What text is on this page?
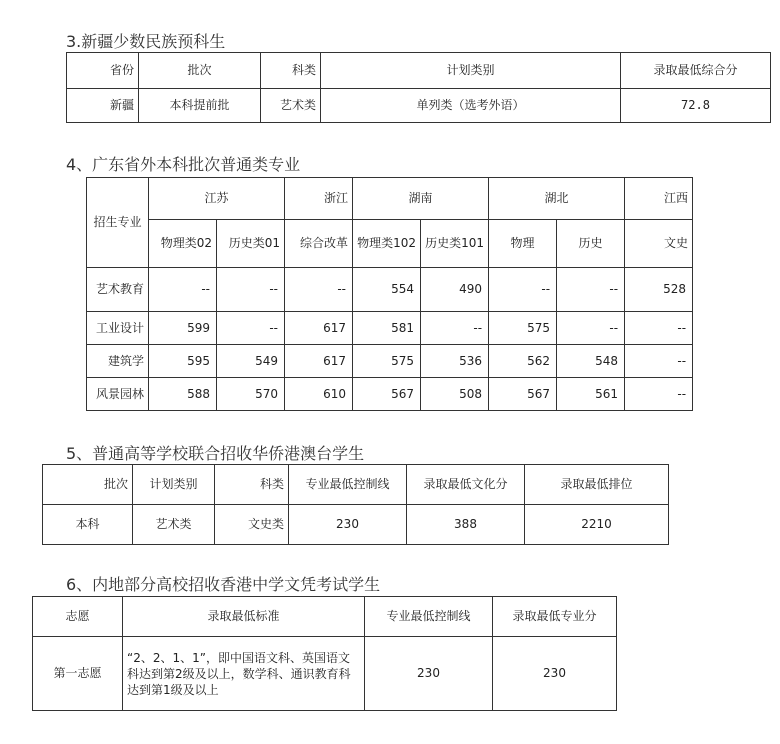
3.新疆少数民族预科生
省份	批次	科类	计划类别	录取最低综合分
新疆	本科提前批	艺术类	单列类（选考外语）	72.8
4、广东省外本科批次普通类专业
招生专业	江苏		浙江	湖南		湖北		江西
	物理类02	历史类01	综合改革	物理类102	历史类101	物理	历史	文史
艺术教育	--	--	--	554	490	--	--	528
工业设计	599	--	617	581	--	575	--	--
建筑学	595	549	617	575	536	562	548	--
风景园林	588	570	610	567	508	567	561	--
5、普通高等学校联合招收华侨港澳台学生
批次	计划类别	科类	专业最低控制线	录取最低文化分	录取最低排位
本科	艺术类	文史类	230	388	2210
6、内地部分高校招收香港中学文凭考试学生
志愿	录取最低标准	专业最低控制线	录取最低专业分
第一志愿	“2、2、1、1”，即中国语文科、英国语文科达到第2级及以上，数学科、通识教育科达到第1级及以上	230	230
